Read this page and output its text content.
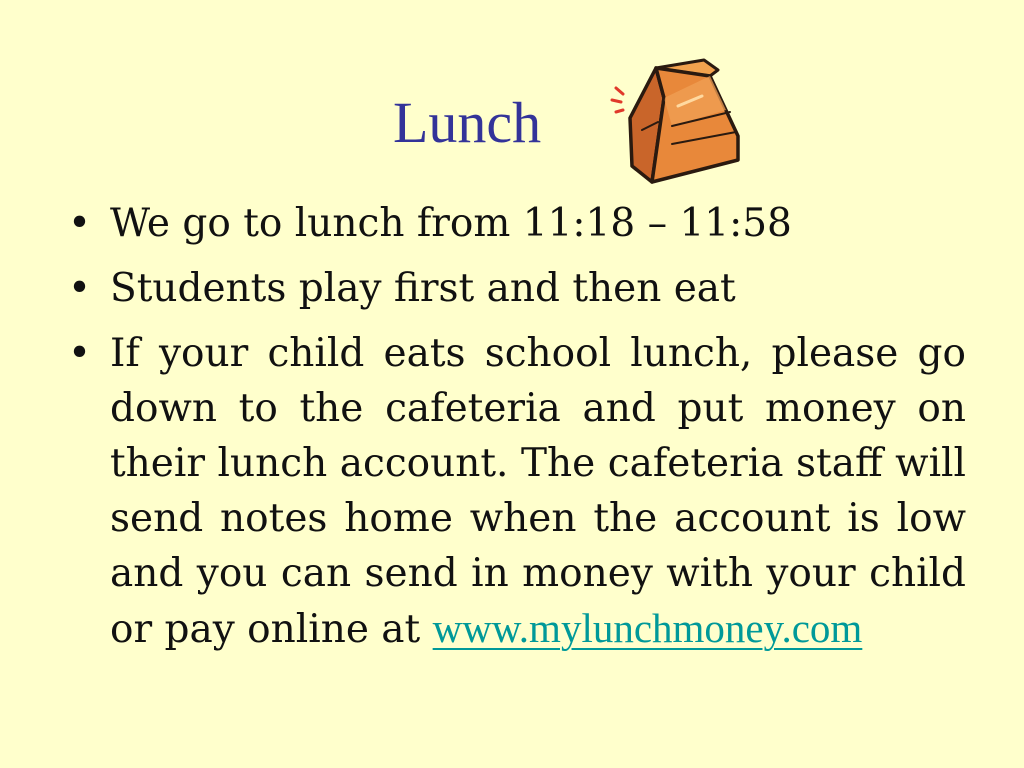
Lunch
• We go to lunch from 11:18 – 11:58
• Students play first and then eat
• If your child eats school lunch, please go down to the cafeteria and put money on their lunch account. The cafeteria staff will send notes home when the account is low and you can send in money with your child or pay online at www.mylunchmoney.com
